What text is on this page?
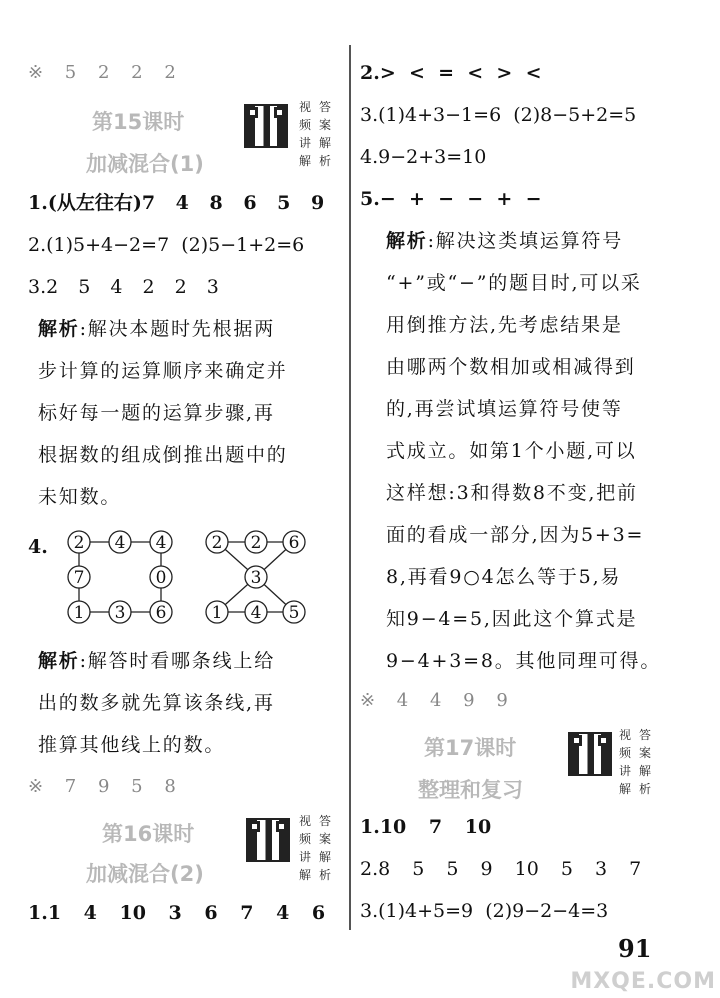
※ 5 2 2 2
第15课时
加减混合(1)
视 答
频 案
讲 解
解 析
1.(从左往右)7 4 8 6 5 9
2.(1)5+4−2=7  (2)5−1+2=6
3.2 5 4 2 2 3
解析:解决本题时先根据两
步计算的运算顺序来确定并
标好每一题的运算步骤,再
根据数的组成倒推出题中的
未知数。
4. 2 4 4
7	0
1 3 6
2 2 6
3
1 4 5
解析:解答时看哪条线上给
出的数多就先算该条线,再
推算其他线上的数。
※ 7 9 5 8
第16课时
加减混合(2)
视 答
频 案
讲 解
解 析
1.1 4 10 3 6 7 4 6
2.>  <  =  <  >  <
3.(1)4+3−1=6  (2)8−5+2=5
4.9−2+3=10
5.−  +  −  −  +  −
解析:解决这类填运算符号
“+”或“−”的题目时,可以采
用倒推方法,先考虑结果是
由哪两个数相加或相减得到
的,再尝试填运算符号使等
式成立。如第1个小题,可以
这样想:3和得数8不变,把前
面的看成一部分,因为5+3=
8,再看9○4怎么等于5,易
知9−4=5,因此这个算式是
9−4+3=8。其他同理可得。
※ 4 4 9 9
第17课时
整理和复习
视 答
频 案
讲 解
解 析
1.10 7 10
2.8 5 5 9 10 5 3 7
3.(1)4+5=9  (2)9−2−4=3
91
MXQE.COM
